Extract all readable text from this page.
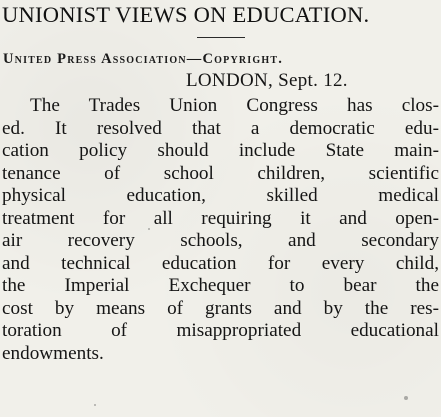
UNIONIST VIEWS ON EDUCATION.
United Press Association—Copyright.
LONDON, Sept. 12.
The Trades Union Congress has clos-
ed. It resolved that a democratic edu-
cation policy should include State main-
tenance of school children, scientific
physical education, skilled medical
treatment for all requiring it and open-
air recovery schools, and secondary
and technical education for every child,
the Imperial Exchequer to bear the
cost by means of grants and by the res-
toration of misappropriated educational
endowments.
